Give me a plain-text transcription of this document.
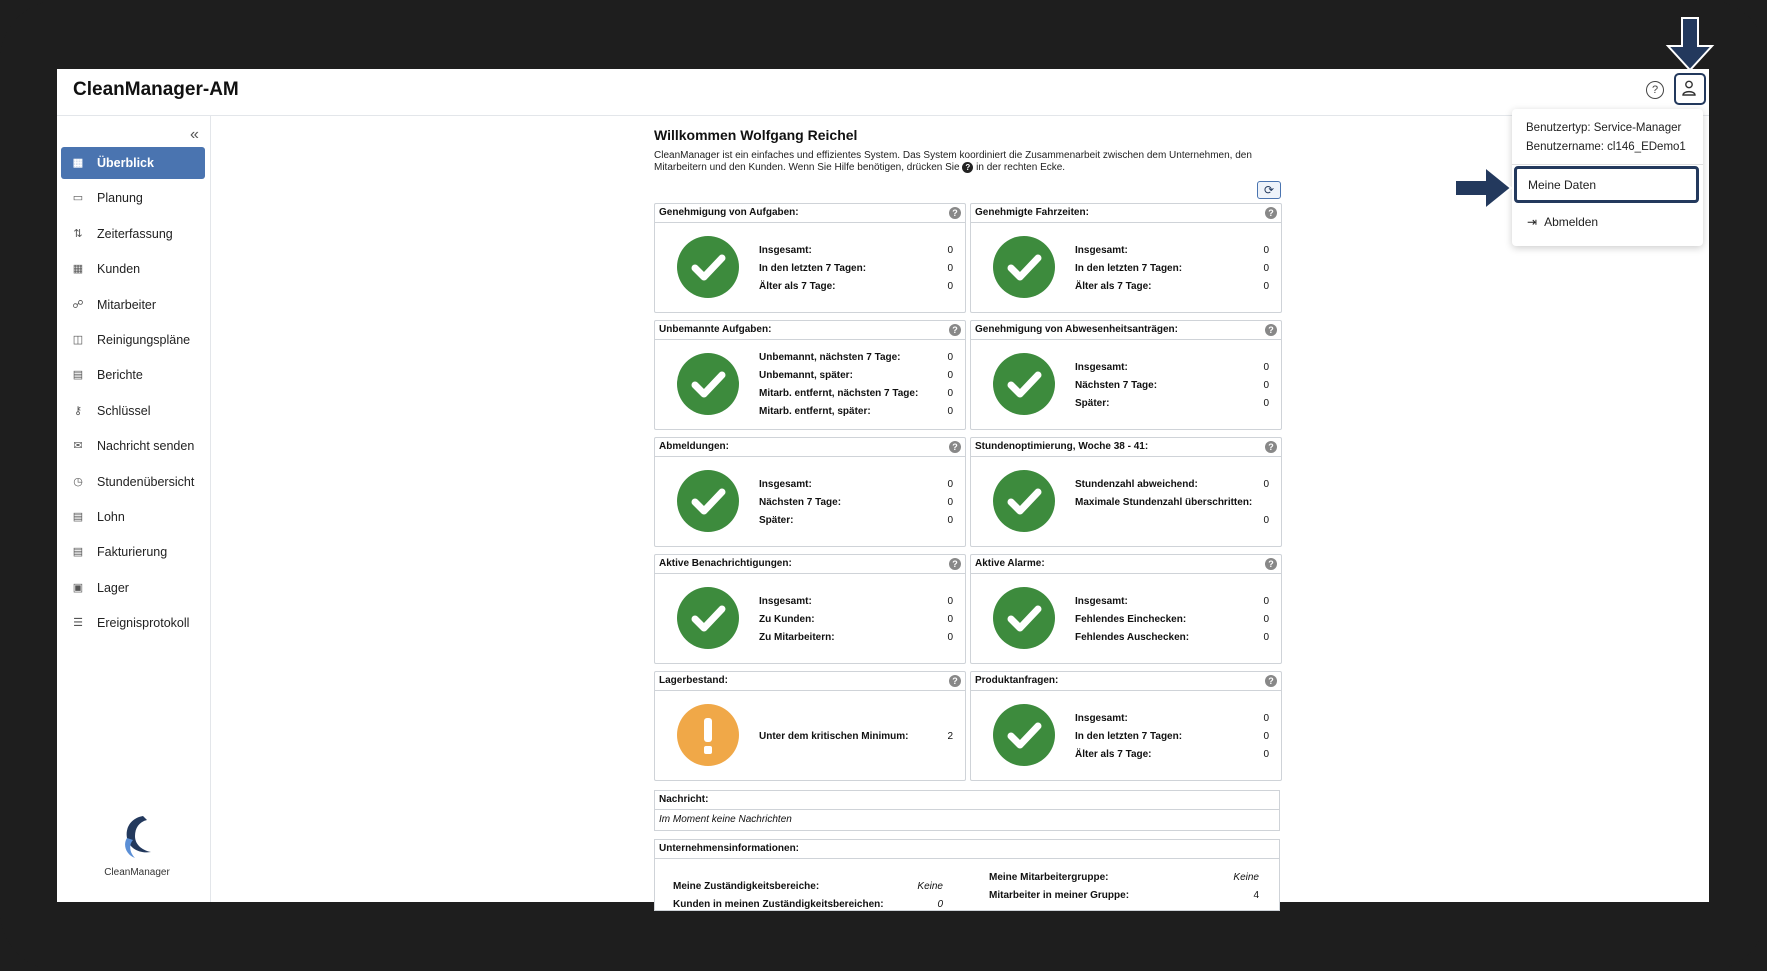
CleanManager-AM	?
«
▦ Überblick
▭ Planung
⇅ Zeiterfassung
▦ Kunden
☍ Mitarbeiter
◫ Reinigungspläne
▤ Berichte
⚷ Schlüssel
✉ Nachricht senden
◷ Stundenübersicht
▤ Lohn
▤ Fakturierung
▣ Lager
☰ Ereignisprotokoll
CleanManager
Willkommen Wolfgang Reichel
CleanManager ist ein einfaches und effizientes System. Das System koordiniert die Zusammenarbeit zwischen dem Unternehmen, den Mitarbeitern und den Kunden. Wenn Sie Hilfe benötigen, drücken Sie ? in der rechten Ecke.
⟳
Genehmigung von Aufgaben:	?
Insgesamt:	0
In den letzten 7 Tagen:	0
Älter als 7 Tage:	0
Genehmigte Fahrzeiten:	?
Insgesamt:	0
In den letzten 7 Tagen:	0
Älter als 7 Tage:	0
Unbemannte Aufgaben:	?
Unbemannt, nächsten 7 Tage:	0
Unbemannt, später:	0
Mitarb. entfernt, nächsten 7 Tage:	0
Mitarb. entfernt, später:	0
Genehmigung von Abwesenheitsanträgen:	?
Insgesamt:	0
Nächsten 7 Tage:	0
Später:	0
Abmeldungen:	?
Insgesamt:	0
Nächsten 7 Tage:	0
Später:	0
Stundenoptimierung, Woche 38 - 41:	?
Stundenzahl abweichend:	0
Maximale Stundenzahl überschritten:
0
Aktive Benachrichtigungen:	?
Insgesamt:	0
Zu Kunden:	0
Zu Mitarbeitern:	0
Aktive Alarme:	?
Insgesamt:	0
Fehlendes Einchecken:	0
Fehlendes Auschecken:	0
Lagerbestand:	?
Unter dem kritischen Minimum:	2
Produktanfragen:	?
Insgesamt:	0
In den letzten 7 Tagen:	0
Älter als 7 Tage:	0
Nachricht:
Im Moment keine Nachrichten
Unternehmensinformationen:
Meine Zuständigkeitsbereiche:	Keine
Kunden in meinen Zuständigkeitsbereichen:	0
Meine Mitarbeitergruppe:	Keine
Mitarbeiter in meiner Gruppe:	4
Benutzertyp: Service-Manager
Benutzername: cl146_EDemo1
Meine Daten
⇥ Abmelden
